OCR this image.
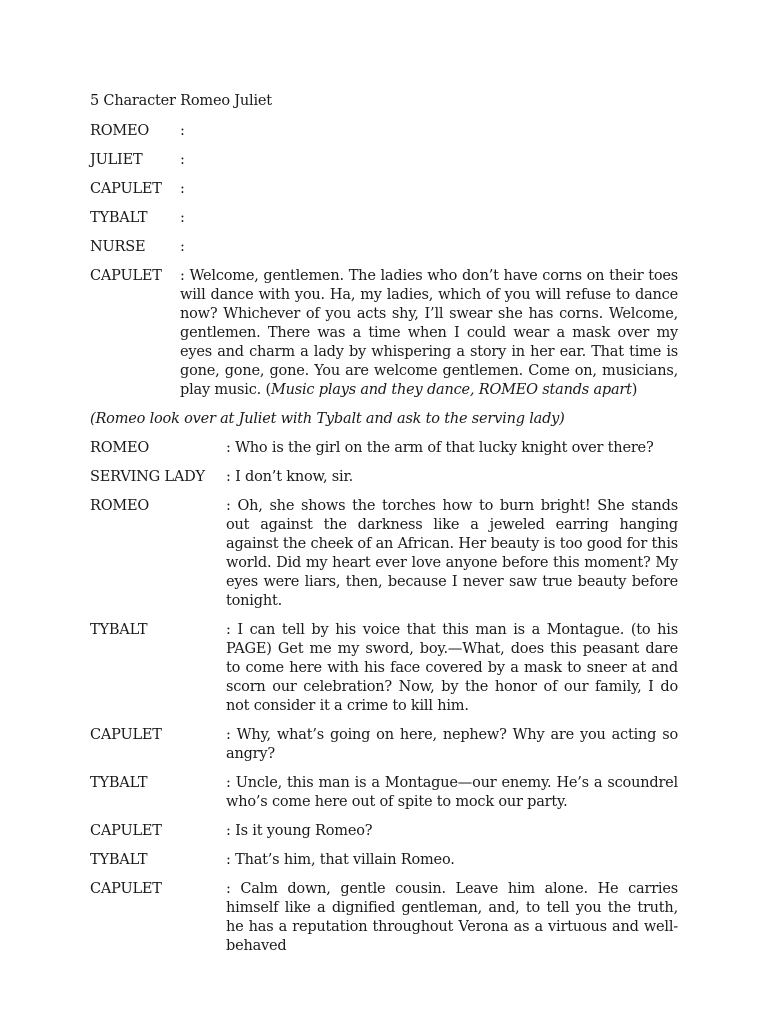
5 Character Romeo Juliet
ROMEO	:
JULIET	:
CAPULET	:
TYBALT	:
NURSE	:
CAPULET	: Welcome, gentlemen. The ladies who don’t have corns on their toes will dance with you. Ha, my ladies, which of you will refuse to dance now? Whichever of you acts shy, I’ll swear she has corns. Welcome, gentlemen. There was a time when I could wear a mask over my eyes and charm a lady by whispering a story in her ear. That time is gone, gone, gone. You are welcome gentlemen. Come on, musicians, play music. (Music plays and they dance, ROMEO stands apart)
(Romeo look over at Juliet with Tybalt and ask to the serving lady)
ROMEO	: Who is the girl on the arm of that lucky knight over there?
SERVING LADY	: I don’t know, sir.
ROMEO	: Oh, she shows the torches how to burn bright! She stands out against the darkness like a jeweled earring hanging against the cheek of an African. Her beauty is too good for this world. Did my heart ever love anyone before this moment? My eyes were liars, then, because I never saw true beauty before tonight.
TYBALT	: I can tell by his voice that this man is a Montague. (to his PAGE) Get me my sword, boy.—What, does this peasant dare to come here with his face covered by a mask to sneer at and scorn our celebration? Now, by the honor of our family, I do not consider it a crime to kill him.
CAPULET	: Why, what’s going on here, nephew? Why are you acting so angry?
TYBALT	: Uncle, this man is a Montague—our enemy. He’s a scoundrel who’s come here out of spite to mock our party.
CAPULET	: Is it young Romeo?
TYBALT	: That’s him, that villain Romeo.
CAPULET	: Calm down, gentle cousin. Leave him alone. He carries himself like a dignified gentleman, and, to tell you the truth, he has a reputation throughout Verona as a virtuous and well-behaved
